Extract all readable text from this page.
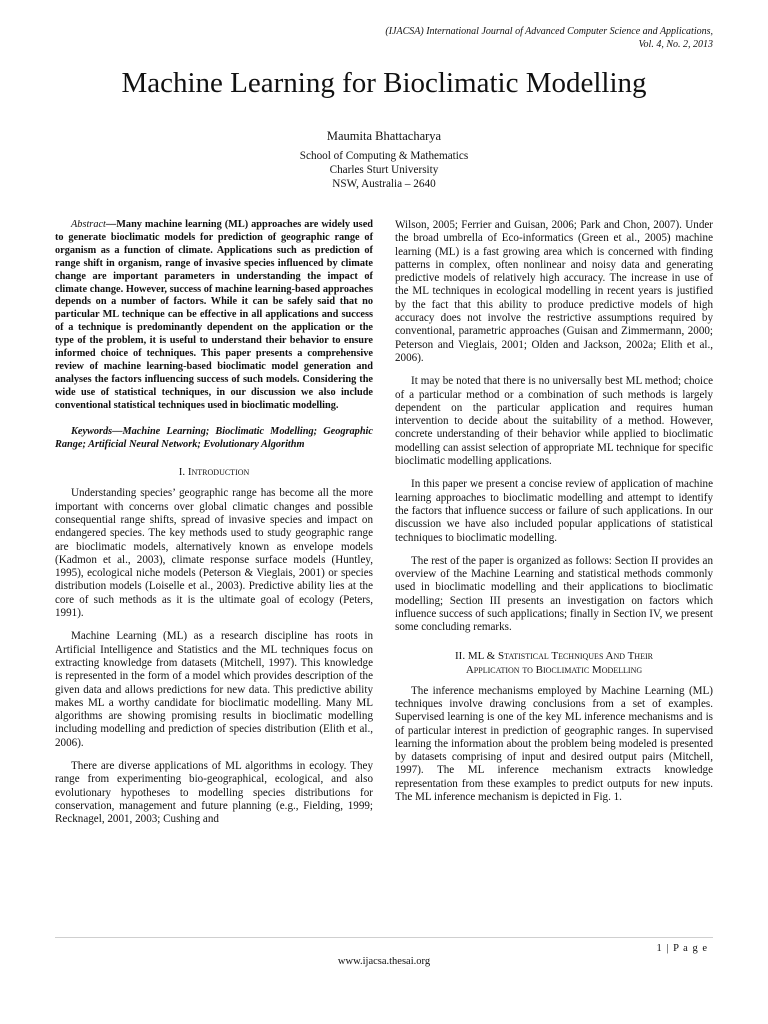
(IJACSA) International Journal of Advanced Computer Science and Applications,
Vol. 4, No. 2, 2013
Machine Learning for Bioclimatic Modelling
Maumita Bhattacharya
School of Computing & Mathematics
Charles Sturt University
NSW, Australia – 2640

Abstract—Many machine learning (ML) approaches are widely used to generate bioclimatic models for prediction of geographic range of organism as a function of climate. Applications such as prediction of range shift in organism, range of invasive species influenced by climate change are important parameters in understanding the impact of climate change. However, success of machine learning-based approaches depends on a number of factors. While it can be safely said that no particular ML technique can be effective in all applications and success of a technique is predominantly dependent on the application or the type of the problem, it is useful to understand their behavior to ensure informed choice of techniques. This paper presents a comprehensive review of machine learning-based bioclimatic model generation and analyses the factors influencing success of such models. Considering the wide use of statistical techniques, in our discussion we also include conventional statistical techniques used in bioclimatic modelling.

Keywords—Machine Learning; Bioclimatic Modelling; Geographic Range; Artificial Neural Network; Evolutionary Algorithm

I. Introduction

Understanding species’ geographic range has become all the more important with concerns over global climatic changes and possible consequential range shifts, spread of invasive species and impact on endangered species. The key methods used to study geographic range are bioclimatic models, alternatively known as envelope models (Kadmon et al., 2003), climate response surface models (Huntley, 1995), ecological niche models (Peterson & Vieglais, 2001) or species distribution models (Loiselle et al., 2003). Predictive ability lies at the core of such methods as it is the ultimate goal of ecology (Peters, 1991).

Machine Learning (ML) as a research discipline has roots in Artificial Intelligence and Statistics and the ML techniques focus on extracting knowledge from datasets (Mitchell, 1997). This knowledge is represented in the form of a model which provides description of the given data and allows predictions for new data. This predictive ability makes ML a worthy candidate for bioclimatic modelling. Many ML algorithms are showing promising results in bioclimatic modelling including modelling and prediction of species distribution (Elith et al., 2006).

There are diverse applications of ML algorithms in ecology. They range from experimenting bio-geographical, ecological, and also evolutionary hypotheses to modelling species distributions for conservation, management and future planning (e.g., Fielding, 1999; Recknagel, 2001, 2003; Cushing and

Wilson, 2005; Ferrier and Guisan, 2006; Park and Chon, 2007). Under the broad umbrella of Eco-informatics (Green et al., 2005) machine learning (ML) is a fast growing area which is concerned with finding patterns in complex, often nonlinear and noisy data and generating predictive models of relatively high accuracy. The increase in use of the ML techniques in ecological modelling in recent years is justified by the fact that this ability to produce predictive models of high accuracy does not involve the restrictive assumptions required by conventional, parametric approaches (Guisan and Zimmermann, 2000; Peterson and Vieglais, 2001; Olden and Jackson, 2002a; Elith et al., 2006).

It may be noted that there is no universally best ML method; choice of a particular method or a combination of such methods is largely dependent on the particular application and requires human intervention to decide about the suitability of a method. However, concrete understanding of their behavior while applied to bioclimatic modelling can assist selection of appropriate ML technique for specific bioclimatic modelling applications.

In this paper we present a concise review of application of machine learning approaches to bioclimatic modelling and attempt to identify the factors that influence success or failure of such applications. In our discussion we have also included popular applications of statistical techniques to bioclimatic modelling.

The rest of the paper is organized as follows: Section II provides an overview of the Machine Learning and statistical methods commonly used in bioclimatic modelling and their applications to bioclimatic modelling; Section III presents an investigation on factors which influence success of such applications; finally in Section IV, we present some concluding remarks.

II. ML & Statistical Techniques And Their
Application to Bioclimatic Modelling

The inference mechanisms employed by Machine Learning (ML) techniques involve drawing conclusions from a set of examples. Supervised learning is one of the key ML inference mechanisms and is of particular interest in prediction of geographic ranges. In supervised learning the information about the problem being modeled is presented by datasets comprising of input and desired output pairs (Mitchell, 1997). The ML inference mechanism extracts knowledge representation from these examples to predict outputs for new inputs. The ML inference mechanism is depicted in Fig. 1.

1 | P a g e
www.ijacsa.thesai.org
